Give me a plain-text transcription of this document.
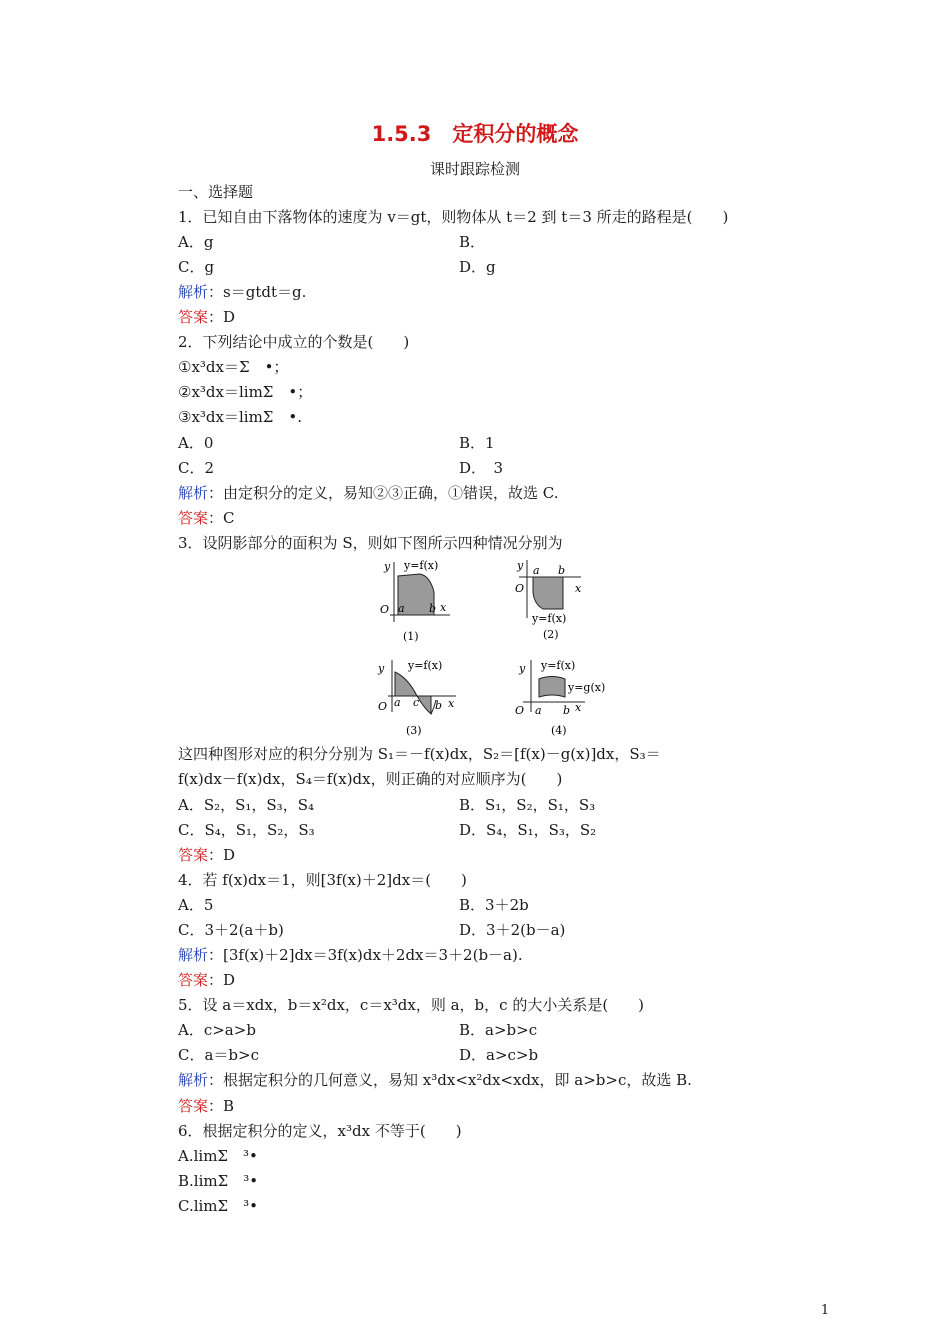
1.5.3　定积分的概念
课时跟踪检测
一、选择题
1．已知自由下落物体的速度为 v＝gt，则物体从 t＝2 到 t＝3 所走的路程是(　　)
A．g	B．
C．g	D．g
解析：s＝gtdt＝g.
答案：D
2．下列结论中成立的个数是(　　)
①x³dx＝Σ　•；
②x³dx＝limΣ　•；
③x³dx＝limΣ　•.
A．0	B．1
C．2	D．　3
解析：由定积分的定义，易知②③正确，①错误，故选 C.
答案：C
3．设阴影部分的面积为 S，则如下图所示四种情况分别为
y y=f(x)
O a b x
(1)
y a b
O	x
y=f(x)
(2)
y y=f(x)
O a c b x
(3)
y y=f(x)
y=g(x)
O a b x
(4)
这四种图形对应的积分分别为 S₁＝－f(x)dx，S₂＝[f(x)－g(x)]dx，S₃＝
f(x)dx－f(x)dx，S₄＝f(x)dx，则正确的对应顺序为(　　)
A．S₂，S₁，S₃，S₄	B．S₁，S₂，S₁，S₃
C．S₄，S₁，S₂，S₃	D．S₄，S₁，S₃，S₂
答案：D
4．若 f(x)dx＝1，则[3f(x)＋2]dx＝(　　)
A．5	B．3＋2b
C．3＋2(a＋b)	D．3＋2(b－a)
解析：[3f(x)＋2]dx＝3f(x)dx＋2dx＝3＋2(b－a).
答案：D
5．设 a＝xdx，b＝x²dx，c＝x³dx，则 a，b，c 的大小关系是(　　)
A．c>a>b	B．a>b>c
C．a＝b>c	D．a>c>b
解析：根据定积分的几何意义，易知 x³dx<x²dx<xdx，即 a>b>c，故选 B.
答案：B
6．根据定积分的定义，x³dx 不等于(　　)
A.limΣ　³•
B.limΣ　³•
C.limΣ　³•
1
